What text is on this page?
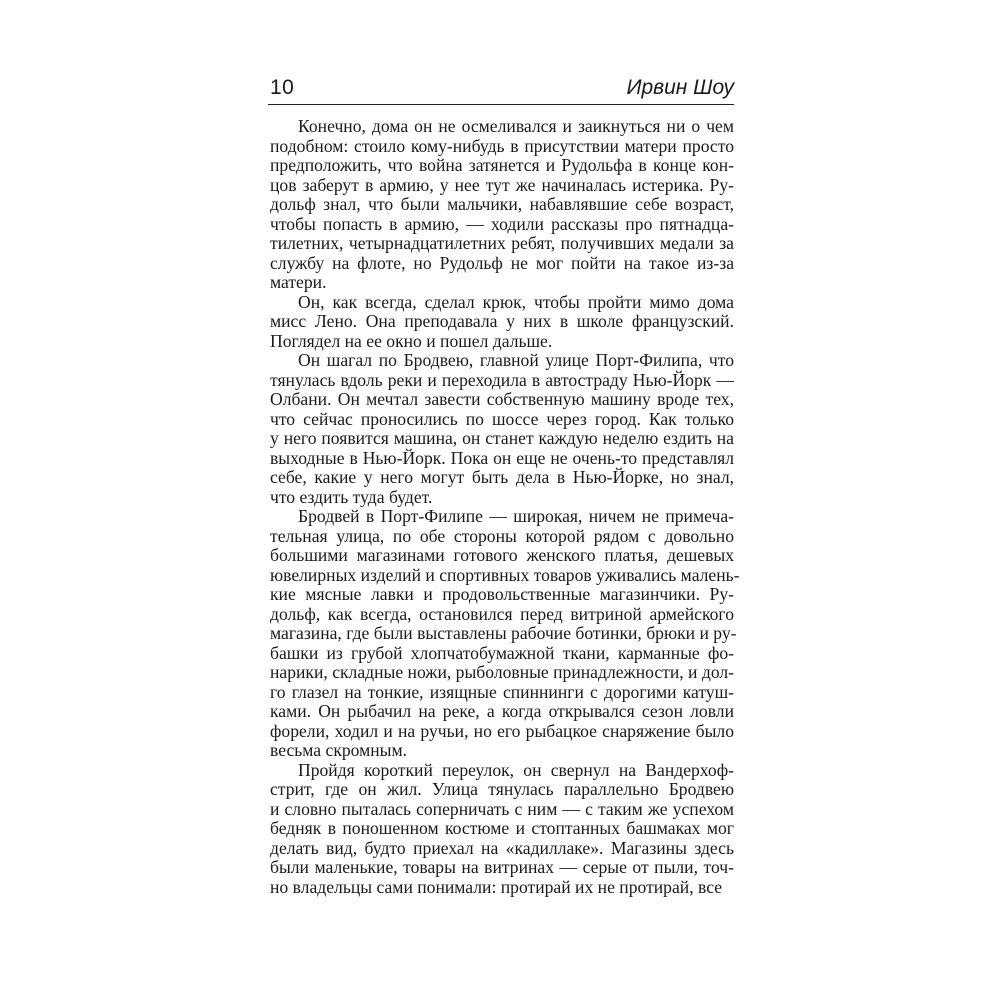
10	Ирвин Шоу
Конечно, дома он не осмеливался и заикнуться ни о чем
подобном: стоило кому-нибудь в присутствии матери просто
предположить, что война затянется и Рудольфа в конце кон-
цов заберут в армию, у нее тут же начиналась истерика. Ру-
дольф знал, что были мальчики, набавлявшие себе возраст,
чтобы попасть в армию, — ходили рассказы про пятнадца-
тилетних, четырнадцатилетних ребят, получивших медали за
службу на флоте, но Рудольф не мог пойти на такое из-за
матери.
Он, как всегда, сделал крюк, чтобы пройти мимо дома
мисс Лено. Она преподавала у них в школе французский.
Поглядел на ее окно и пошел дальше.
Он шагал по Бродвею, главной улице Порт-Филипа, что
тянулась вдоль реки и переходила в автостраду Нью-Йорк —
Олбани. Он мечтал завести собственную машину вроде тех,
что сейчас проносились по шоссе через город. Как только
у него появится машина, он станет каждую неделю ездить на
выходные в Нью-Йорк. Пока он еще не очень-то представлял
себе, какие у него могут быть дела в Нью-Йорке, но знал,
что ездить туда будет.
Бродвей в Порт-Филипе — широкая, ничем не примеча-
тельная улица, по обе стороны которой рядом с довольно
большими магазинами готового женского платья, дешевых
ювелирных изделий и спортивных товаров уживались малень-
кие мясные лавки и продовольственные магазинчики. Ру-
дольф, как всегда, остановился перед витриной армейского
магазина, где были выставлены рабочие ботинки, брюки и ру-
башки из грубой хлопчатобумажной ткани, карманные фо-
нарики, складные ножи, рыболовные принадлежности, и дол-
го глазел на тонкие, изящные спиннинги с дорогими катуш-
ками. Он рыбачил на реке, а когда открывался сезон ловли
форели, ходил и на ручьи, но его рыбацкое снаряжение было
весьма скромным.
Пройдя короткий переулок, он свернул на Вандерхоф-
стрит, где он жил. Улица тянулась параллельно Бродвею
и словно пыталась соперничать с ним — с таким же успехом
бедняк в поношенном костюме и стоптанных башмаках мог
делать вид, будто приехал на «кадиллаке». Магазины здесь
были маленькие, товары на витринах — серые от пыли, точ-
но владельцы сами понимали: протирай их не протирай, все
